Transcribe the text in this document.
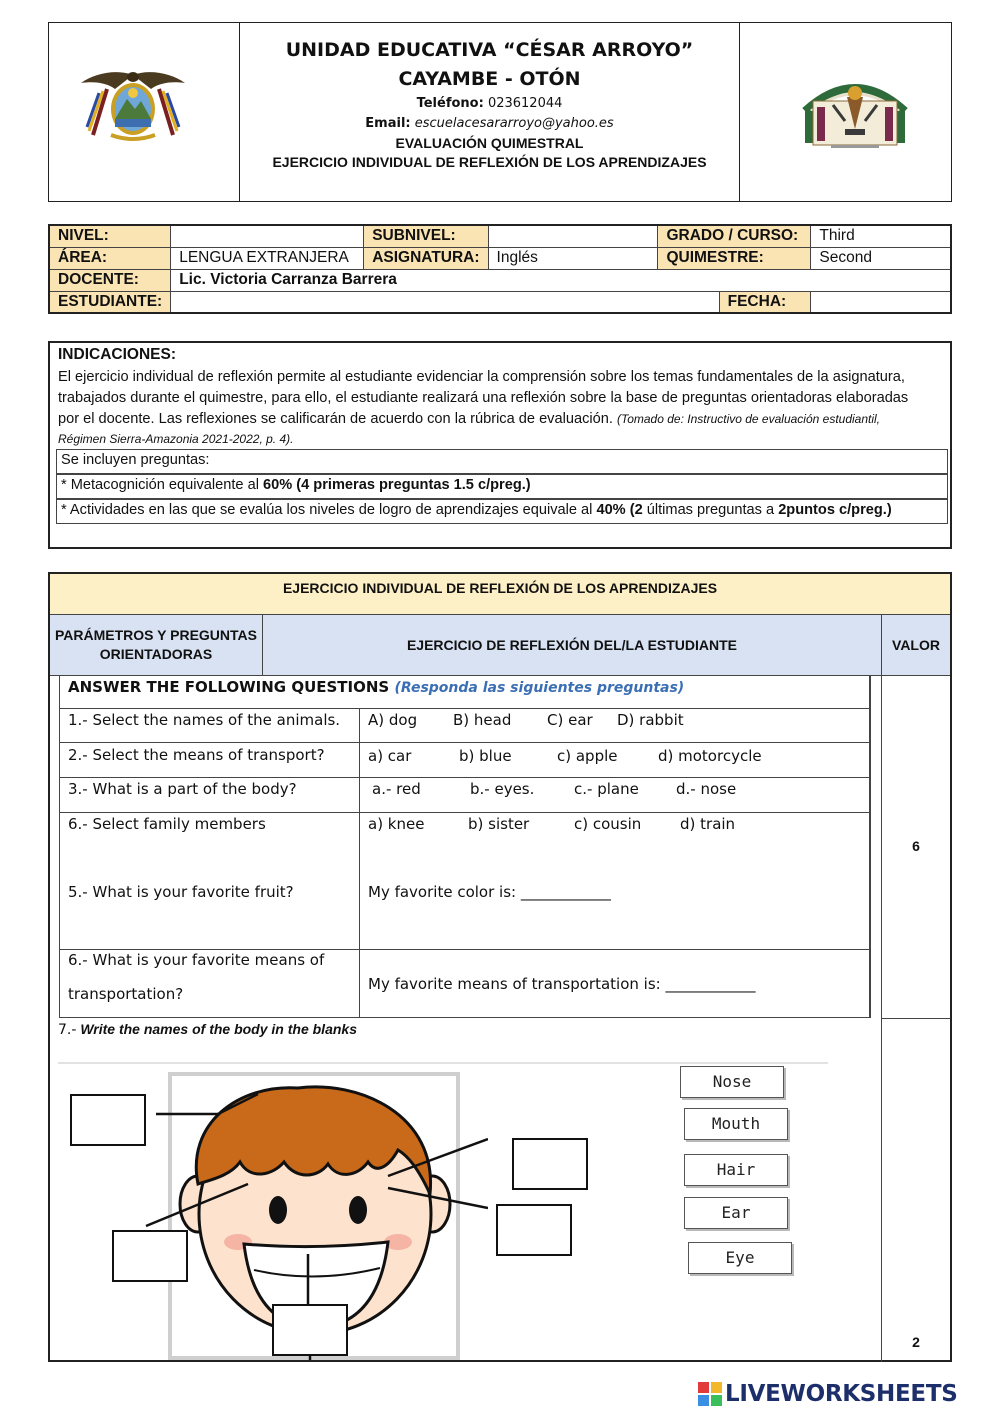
UNIDAD EDUCATIVA “CÉSAR ARROYO”
CAYAMBE - OTÓN
Teléfono: 023612044
Email: escuelacesararroyo@yahoo.es
EVALUACIÓN QUIMESTRAL
EJERCICIO INDIVIDUAL DE REFLEXIÓN DE LOS APRENDIZAJES
NIVEL:		SUBNIVEL:		GRADO / CURSO:		Third
ÁREA:	LENGUA EXTRANJERA	ASIGNATURA:	Inglés	QUIMESTRE:		Second
DOCENTE:	Lic. Victoria Carranza Barrera					
ESTUDIANTE:					FECHA:	
INDICACIONES:
El ejercicio individual de reflexión permite al estudiante evidenciar la comprensión sobre los temas fundamentales de la asignatura,
trabajados durante el quimestre, para ello, el estudiante realizará una reflexión sobre la base de preguntas orientadoras elaboradas
por el docente. Las reflexiones se calificarán de acuerdo con la rúbrica de evaluación. (Tomado de: Instructivo de evaluación estudiantil,
Régimen Sierra-Amazonia 2021-2022, p. 4).
Se incluyen preguntas:
* Metacognición equivalente al 60% (4 primeras preguntas 1.5 c/preg.)
* Actividades en las que se evalúa los niveles de logro de aprendizajes equivale al 40% (2 últimas preguntas a 2puntos c/preg.)
EJERCICIO INDIVIDUAL DE REFLEXIÓN DE LOS APRENDIZAJES
PARÁMETROS Y PREGUNTAS ORIENTADORAS
EJERCICIO DE REFLEXIÓN DEL/LA ESTUDIANTE	VALOR
ANSWER THE FOLLOWING QUESTIONS (Responda las siguientes preguntas)
1.- Select the names of the animals. A) dog B) head C) ear D) rabbit
2.- Select the means of transport?	a) car	b) blue	c) apple	d) motorcycle
3.- What is a part of the body?	a.- red	b.- eyes.	c.- plane d.- nose
6.- Select family members	a) knee	b) sister	c) cousin	d) train
5.- What is your favorite fruit?	My favorite color is: ____________
6.- What is your favorite means of
transportation?
My favorite means of transportation is: ____________
6
7.- Write the names of the body in the blanks
Nose
Mouth
Hair
Ear
Eye
2
LIVEWORKSHEETS
